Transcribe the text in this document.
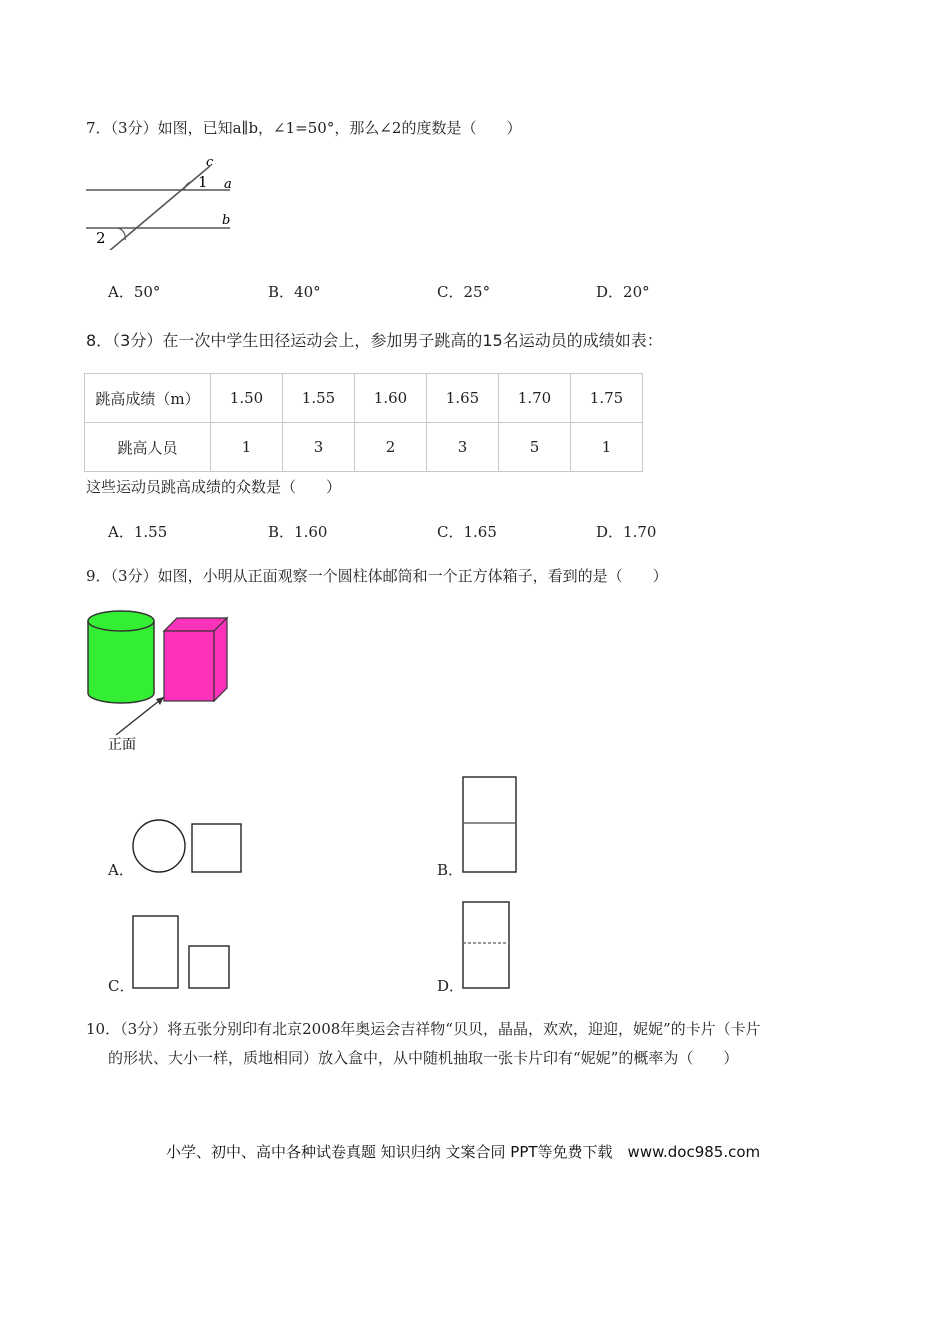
7．（3分）如图，已知a∥b，∠1=50°，那么∠2的度数是（　　）
c
1 a
b
2
A．50°	B．40°	C．25°	D．20°
8．（3分）在一次中学生田径运动会上，参加男子跳高的15名运动员的成绩如表：
跳高成绩（m）	1.50	1.55	1.60	1.65	1.70	1.75
跳高人员	1	3	2	3	5	1
这些运动员跳高成绩的众数是（　　）
A．1.55	B．1.60	C．1.65	D．1.70
9．（3分）如图，小明从正面观察一个圆柱体邮筒和一个正方体箱子，看到的是（　　）
正面
A．	B．
C．	D．
10．（3分）将五张分别印有北京2008年奥运会吉祥物“贝贝，晶晶，欢欢，迎迎，妮妮”的卡片（卡片
的形状、大小一样，质地相同）放入盒中，从中随机抽取一张卡片印有“妮妮”的概率为（　　）
小学、初中、高中各种试卷真题 知识归纳 文案合同 PPT等免费下载　www.doc985.com
